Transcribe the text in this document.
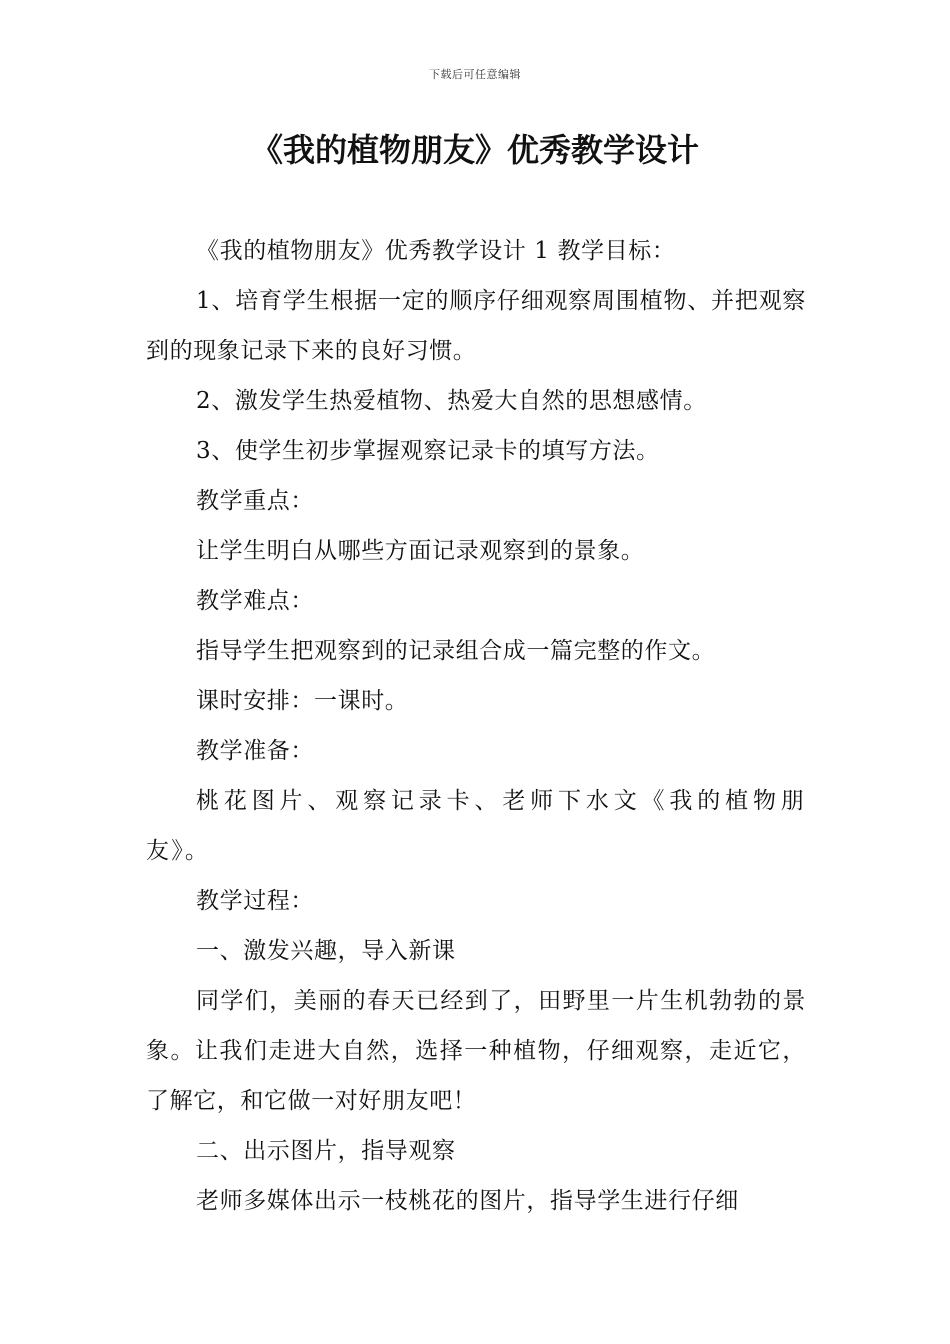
下载后可任意编辑
《我的植物朋友》优秀教学设计

《我的植物朋友》优秀教学设计 1 教学目标：

1、培育学生根据一定的顺序仔细观察周围植物、并把观察到的现象记录下来的良好习惯。

2、激发学生热爱植物、热爱大自然的思想感情。

3、使学生初步掌握观察记录卡的填写方法。

教学重点：

让学生明白从哪些方面记录观察到的景象。

教学难点：

指导学生把观察到的记录组合成一篇完整的作文。

课时安排：一课时。

教学准备：

桃花图片、观察记录卡、老师下水文《我的植物朋友》。

教学过程：

一、激发兴趣，导入新课

同学们，美丽的春天已经到了，田野里一片生机勃勃的景象。让我们走进大自然，选择一种植物，仔细观察，走近它，了解它，和它做一对好朋友吧！

二、出示图片，指导观察

老师多媒体出示一枝桃花的图片，指导学生进行仔细
